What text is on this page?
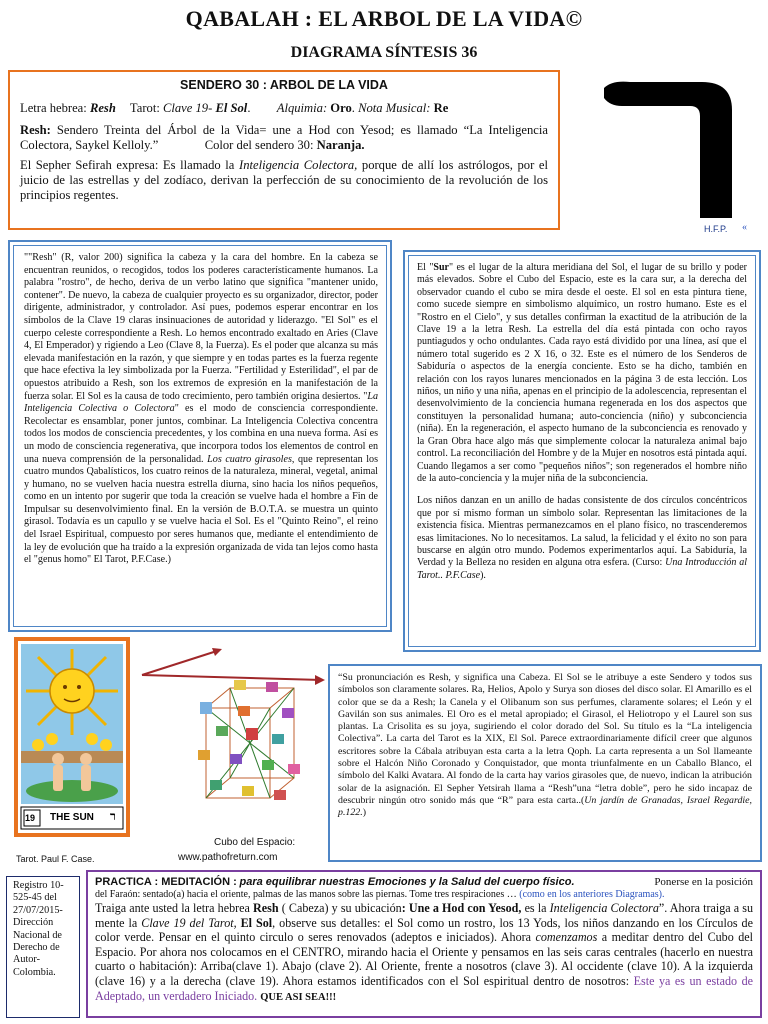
QABALAH : EL ARBOL DE LA VIDA©
DIAGRAMA SÍNTESIS 36
SENDERO 30 : ARBOL DE LA VIDA

Letra hebrea: Resh Tarot: Clave 19- El Sol.  Alquimia: Oro. Nota Musical: Re

Resh: Sendero Treinta del Árbol de la Vida= une a Hod con Yesod; es llamado “La Inteligencia Colectora, Saykel Kelloly.”	Color del sendero 30: Naranja.

El Sepher Sefirah expresa: Es llamado la Inteligencia Colectora, porque de allí los astrólogos, por el juicio de las estrellas y del zodíaco, derivan la perfección de su conocimiento de la revolución de los principios regentes.

H.F.P. «
""Resh" (R, valor 200) significa la cabeza y la cara del hombre. En la cabeza se encuentran reunidos, o recogidos, todos los poderes característicamente humanos. La palabra "rostro", de hecho, deriva de un verbo latino que significa "mantener unido, contener". De nuevo, la cabeza de cualquier proyecto es su organizador, director, poder dirigente, administrador, y controlador. Así pues, podemos esperar encontrar en los símbolos de la Clave 19 claras insinuaciones de autoridad y liderazgo. "El Sol" es el cuerpo celeste correspondiente a Resh. Lo hemos encontrado exaltado en Aries (Clave 4, El Emperador) y rigiendo a Leo (Clave 8, la Fuerza). Es el poder que alcanza su más elevada manifestación en la razón, y que siempre y en todas partes es la fuerza regente que hace efectiva la ley simbolizada por la Fuerza. "Fertilidad y Esterilidad", el par de opuestos atribuido a Resh, son los extremos de expresión en la manifestación de la fuerza solar. El Sol es la causa de todo crecimiento, pero también origina desiertos. "La Inteligencia Colectiva o Colectora" es el modo de consciencia correspondiente. Recolectar es ensamblar, poner juntos, combinar. La Inteligencia Colectiva concentra todos los modos de consciencia precedentes, y los combina en una nueva forma. Así es un modo de consciencia regenerativa, que incorpora todos los elementos de control en una nueva comprensión de la personalidad. Los cuatro girasoles, que representan los cuatro mundos Qabalísticos, los cuatro reinos de la naturaleza, mineral, vegetal, animal y humano, no se vuelven hacia nuestra estrella diurna, sino hacia los niños pequeños, como en un intento por sugerir que toda la creación se vuelve hada el hombre a Fin de Impulsar su desenvolvimiento final. En la versión de B.O.T.A. se muestra un quinto girasol. Todavía es un capullo y se vuelve hacia el Sol. Es el "Quinto Reino", el reino del Israel Espiritual, compuesto por seres humanos que, mediante el entendimiento de la ley de evolución que ha traído a la expresión organizada de vida tan lejos como hasta el "genus homo" El Tarot, P.F.Case.)

El "Sur" es el lugar de la altura meridiana del Sol, el lugar de su brillo y poder más elevados. Sobre el Cubo del Espacio, este es la cara sur, a la derecha del observador cuando el cubo se mira desde el oeste. El sol en esta pintura tiene, como sucede siempre en simbolismo alquímico, un rostro humano. Este es el "Rostro en el Cielo", y sus detalles confirman la exactitud de la atribución de la Clave 19 a la letra Resh. La estrella del día está pintada con ocho rayos puntiagudos y ocho ondulantes. Cada rayo está dividido por una línea, así que el número total sugerido es 2 X 16, o 32. Este es el número de los Senderos de Sabiduría o aspectos de la energía conciente. Esto se ha dicho, también en relación con los rayos lunares mencionados en la página 3 de esta lección. Los niños, un niño y una niña, apenas en el principio de la adolescencia, representan el desenvolvimiento de la conciencia humana regenerada en los dos aspectos que constituyen la personalidad humana; auto-conciencia (niño) y subconciencia (niña). En la regeneración, el aspecto humano de la subconciencia es renovado y la Gran Obra hace algo más que simplemente colocar la naturaleza animal bajo control. La reconciliación del Hombre y de la Mujer en nosotros está pintada aquí. Cuando llegamos a ser como "pequeños niños"; son regenerados el hombre niño de la auto-conciencia y la mujer niña de la subconciencia.

Los niños danzan en un anillo de hadas consistente de dos círculos concéntricos que por sí mismo forman un símbolo solar. Representan las limitaciones de la existencia física. Mientras permanezcamos en el plano físico, no trascenderemos esas limitaciones. No lo necesitamos. La salud, la felicidad y el éxito no son para buscarse en algún otro mundo. Podemos experimentarlos aquí. La Sabiduría, la Verdad y la Belleza no residen en alguna otra esfera. (Curso: Una Introducción al Tarot.. P.F.Case).

19 THE SUN ר
Tarot. Paul F. Case.
Cubo del Espacio:
www.pathofreturn.com
“Su pronunciación es Resh, y significa una Cabeza. El Sol se le atribuye a este Sendero y todos sus símbolos son claramente solares. Ra, Helios, Apolo y Surya son dioses del disco solar. El Amarillo es el color que se da a Resh; la Canela y el Olibanum son sus perfumes, claramente solares; el León y el Gavilán son sus animales. El Oro es el metal apropiado; el Girasol, el Heliotropo y el Laurel son sus plantas. La Crisolita es su joya, sugiriendo el color dorado del Sol. Su título es la “La inteligencia Colectiva”. La carta del Tarot es la XIX, El Sol. Parece extraordinariamente difícil creer que algunos escritores sobre la Cábala atribuyan esta carta a la letra Qoph. La carta representa a un Sol llameante sobre el Halcón Niño Coronado y Conquistador, que monta triunfalmente en un Caballo Blanco, el símbolo del Kalki Avatara. Al fondo de la carta hay varios girasoles que, de nuevo, indican la atribución solar de la asignación. El Sepher Yetsirah llama a “Resh”una “letra doble”, pero he sido incapaz de descubrir ningún otro sonido más que “R” para esta carta..(Un jardín de Granadas, Israel Regardie, p.122.)
Registro 10-525-45 del 27/07/2015-Dirección Nacional de Derecho de Autor-Colombia.
PRACTICA : MEDITACIÓN : para equilibrar nuestras Emociones y la Salud del cuerpo físico.	Ponerse en la posición
del Faraón: sentado(a) hacia el oriente, palmas de las manos sobre las piernas. Tome tres respiraciones … (como en los anteriores Diagramas).

Traiga ante usted la letra hebrea Resh ( Cabeza) y su ubicación: Une a Hod con Yesod, es la Inteligencia Colectora”. Ahora traiga a su mente la Clave 19 del Tarot, El Sol, observe sus detalles: el Sol como un rostro, los 13 Yods, los niños danzando en los Círculos de color verde. Pensar en el quinto circulo o seres renovados (adeptos e iniciados). Ahora comenzamos a meditar dentro del Cubo del Espacio. Por ahora nos colocamos en el CENTRO, mirando hacia el Oriente y pensamos en las seis caras centrales (hacerlo en nuestra cuarto o habitación): Arriba(clave 1). Abajo (clave 2). Al Oriente, frente a nosotros (clave 3). Al occidente (clave 10). A la izquierda (clave 16) y a la derecha (clave 19). Ahora estamos identificados con el Sol espiritual dentro de nosotros: Este ya es un estado de Adeptado, un verdadero Iniciado. QUE ASI SEA!!!
